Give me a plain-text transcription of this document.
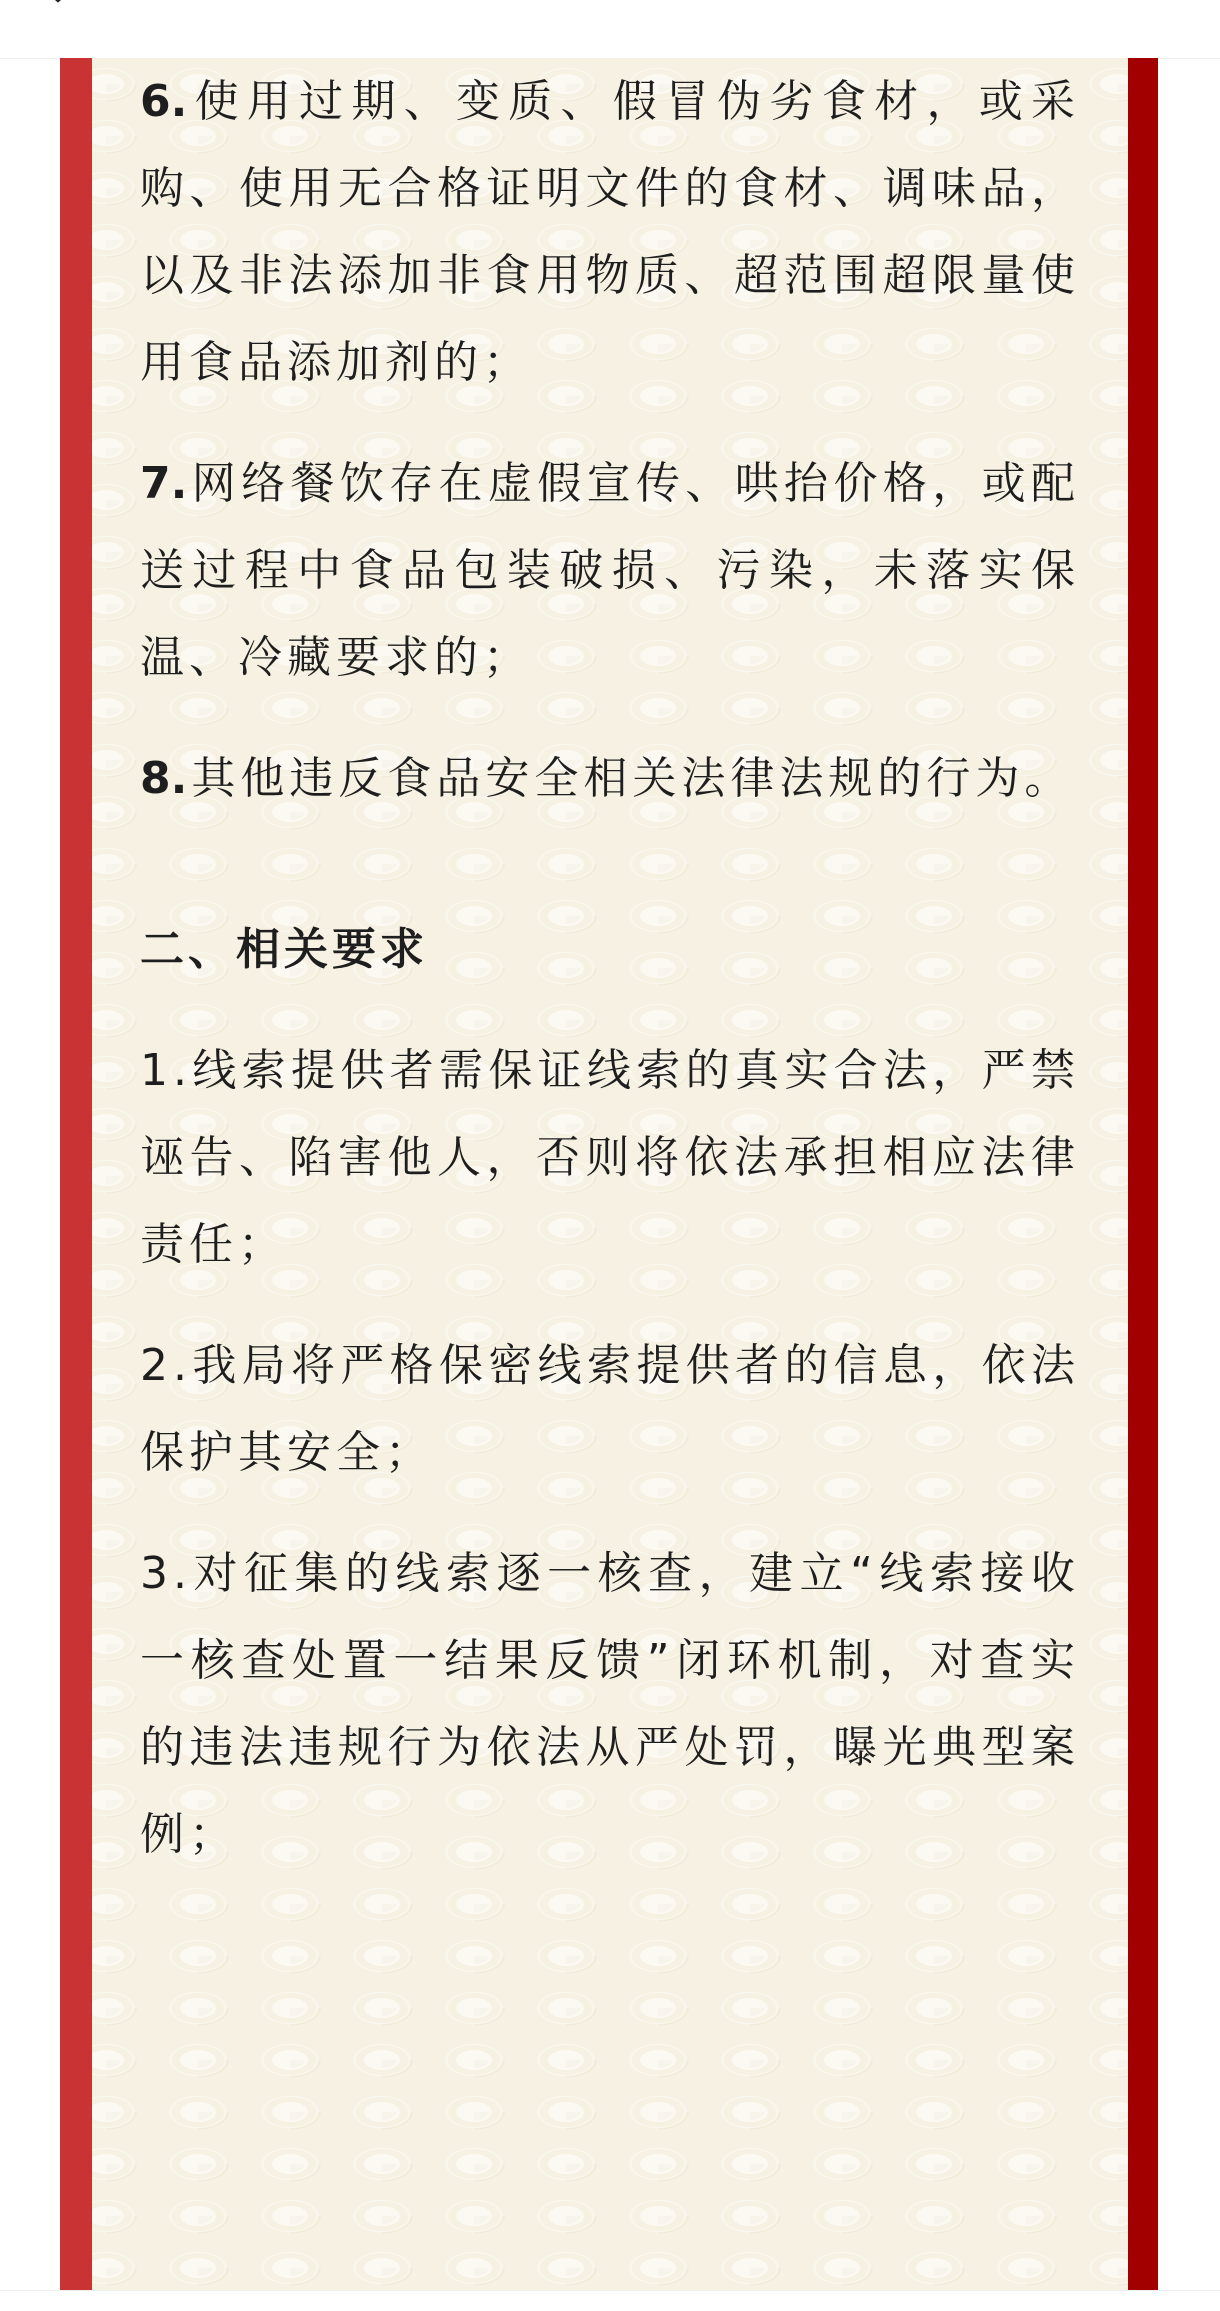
6.使用过期、变质、假冒伪劣食材，或采购、使用无合格证明文件的食材、调味品，以及非法添加非食用物质、超范围超限量使用食品添加剂的；

7.网络餐饮存在虚假宣传、哄抬价格，或配送过程中食品包装破损、污染，未落实保温、冷藏要求的；

8.其他违反食品安全相关法律法规的行为。

二、相关要求

1.线索提供者需保证线索的真实合法，严禁诬告、陷害他人，否则将依法承担相应法律责任；

2.我局将严格保密线索提供者的信息，依法保护其安全；

3.对征集的线索逐一核查，建立“线索接收一核查处置一结果反馈”闭环机制，对查实的违法违规行为依法从严处罚，曝光典型案例；
